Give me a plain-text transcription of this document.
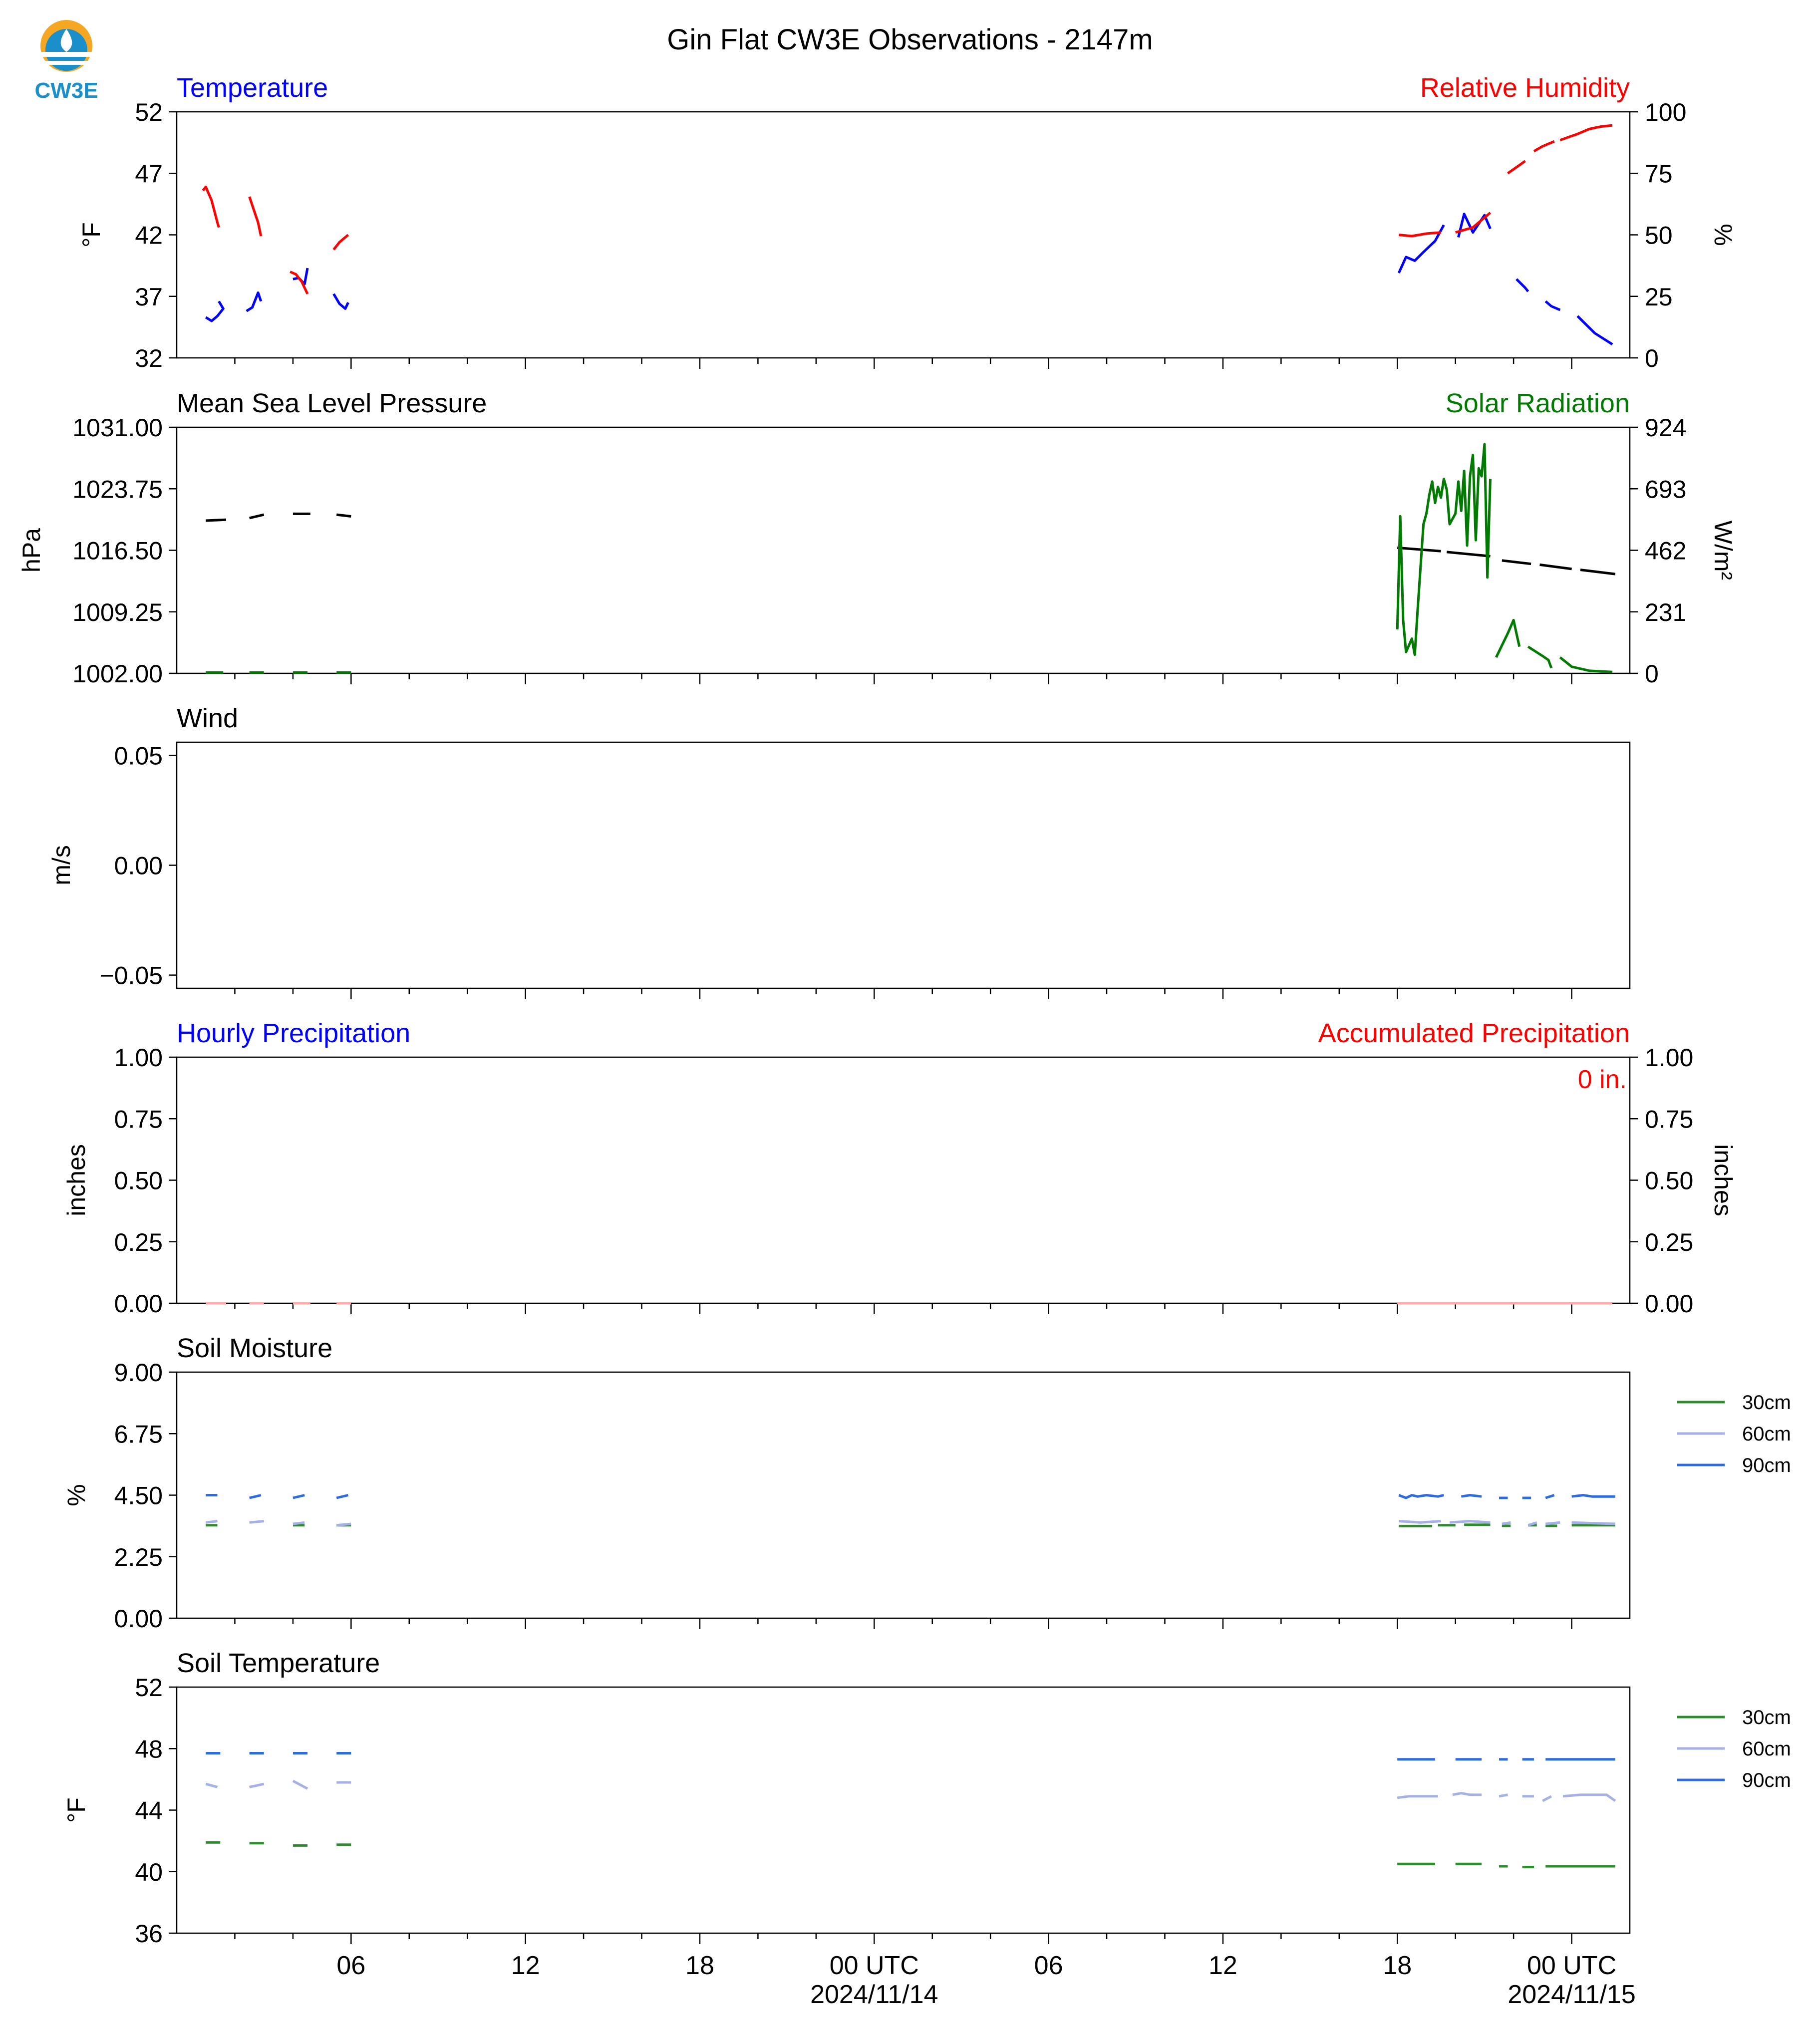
CW3E
Gin Flat CW3E Observations - 2147m
Temperature	Relative Humidity
32
37
42
47
52
0
25
50
75
100
°F	%
Mean Sea Level Pressure	Solar Radiation
1002.00
1009.25
1016.50
1023.75
1031.00
0
231
462
693
924
hPa	W/m²
Wind
−0.05
0.00
0.05
m/s
Hourly Precipitation	Accumulated Precipitation
0.00
0.25
0.50
0.75
1.00
0.00
0.25
0.50
0.75
1.00
inches	inches
0 in.
Soil Moisture
0.00
2.25
4.50
6.75
9.00
%
30cm
60cm
90cm
Soil Temperature
36
40
44
48
52
°F
30cm
60cm
90cm
06	12	18	00 UTC
2024/11/14
06	12	18	00 UTC
2024/11/15
